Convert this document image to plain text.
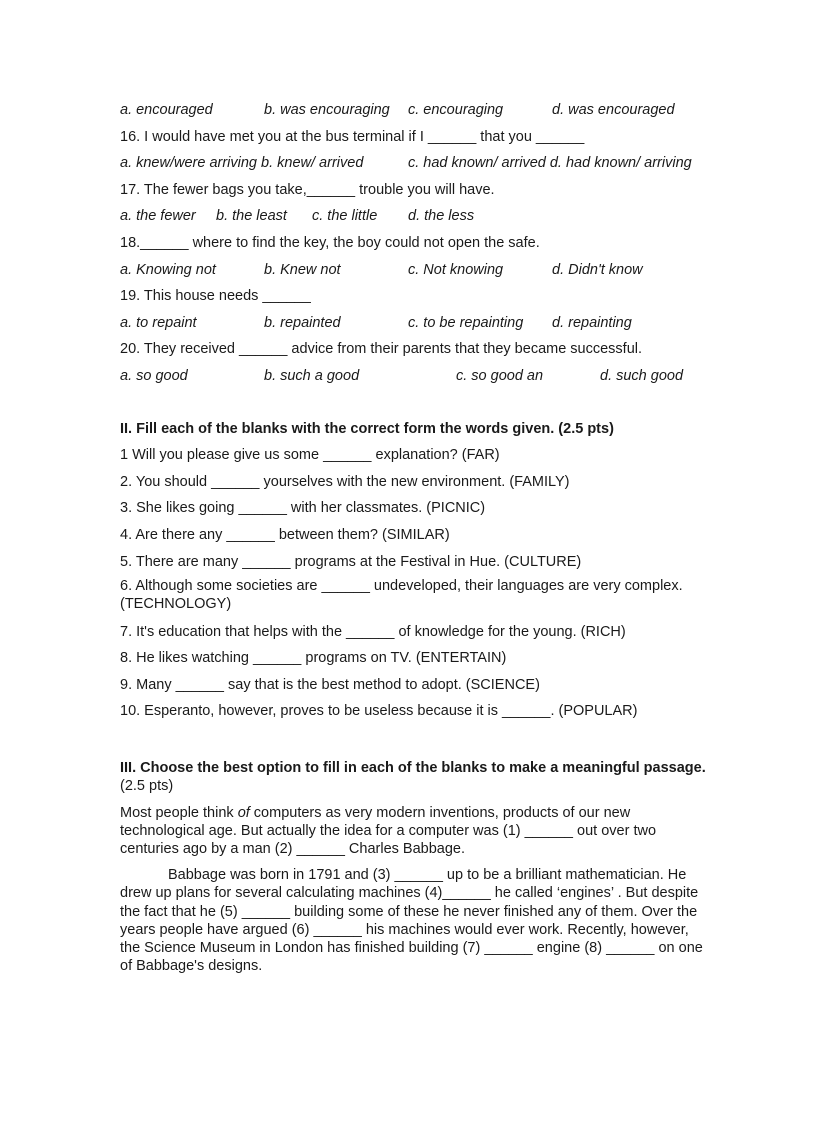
a. encouraged	b. was encouraging c. encouraging	d. was encouraged
16. I would have met you at the bus terminal if I ______ that you ______
a. knew/were arriving b. knew/ arrived	c. had known/ arrived d. had known/ arriving
17. The fewer bags you take,______ trouble you will have.
a. the fewer b. the least c. the little d. the less
18.______ where to find the key, the boy could not open the safe.
a. Knowing not	b. Knew not	c. Not knowing	d. Didn't know
19. This house needs ______
a. to repaint	b. repainted	c. to be repainting d. repainting
20. They received ______ advice from their parents that they became successful.
a. so good	b. such a good	c. so good an	d. such good
II. Fill each of the blanks with the correct form the words given. (2.5 pts)
1 Will you please give us some ______ explanation? (FAR)
2. You should ______ yourselves with the new environment. (FAMILY)
3. She likes going ______ with her classmates. (PICNIC)
4. Are there any ______ between them? (SIMILAR)
5. There are many ______ programs at the Festival in Hue. (CULTURE)
6. Although some societies are ______ undeveloped, their languages are very complex. (TECHNOLOGY)
7. It's education that helps with the ______ of knowledge for the young. (RICH)
8. He likes watching ______ programs on TV. (ENTERTAIN)
9. Many ______ say that is the best method to adopt. (SCIENCE)
10. Esperanto, however, proves to be useless because it is ______. (POPULAR)
III. Choose the best option to fill in each of the blanks to make a meaningful passage. (2.5 pts)
Most people think of computers as very modern inventions, products of our new technological age. But actually the idea for a computer was (1) ______ out over two centuries ago by a man (2) ______ Charles Babbage.
Babbage was born in 1791 and (3) ______ up to be a brilliant mathematician. He drew up plans for several calculating machines (4)______ he called ‘engines’ . But despite the fact that he (5) ______ building some of these he never finished any of them. Over the years people have argued (6) ______ his machines would ever work. Recently, however, the Science Museum in London has finished building (7) ______ engine (8) ______ on one of Babbage's designs.
